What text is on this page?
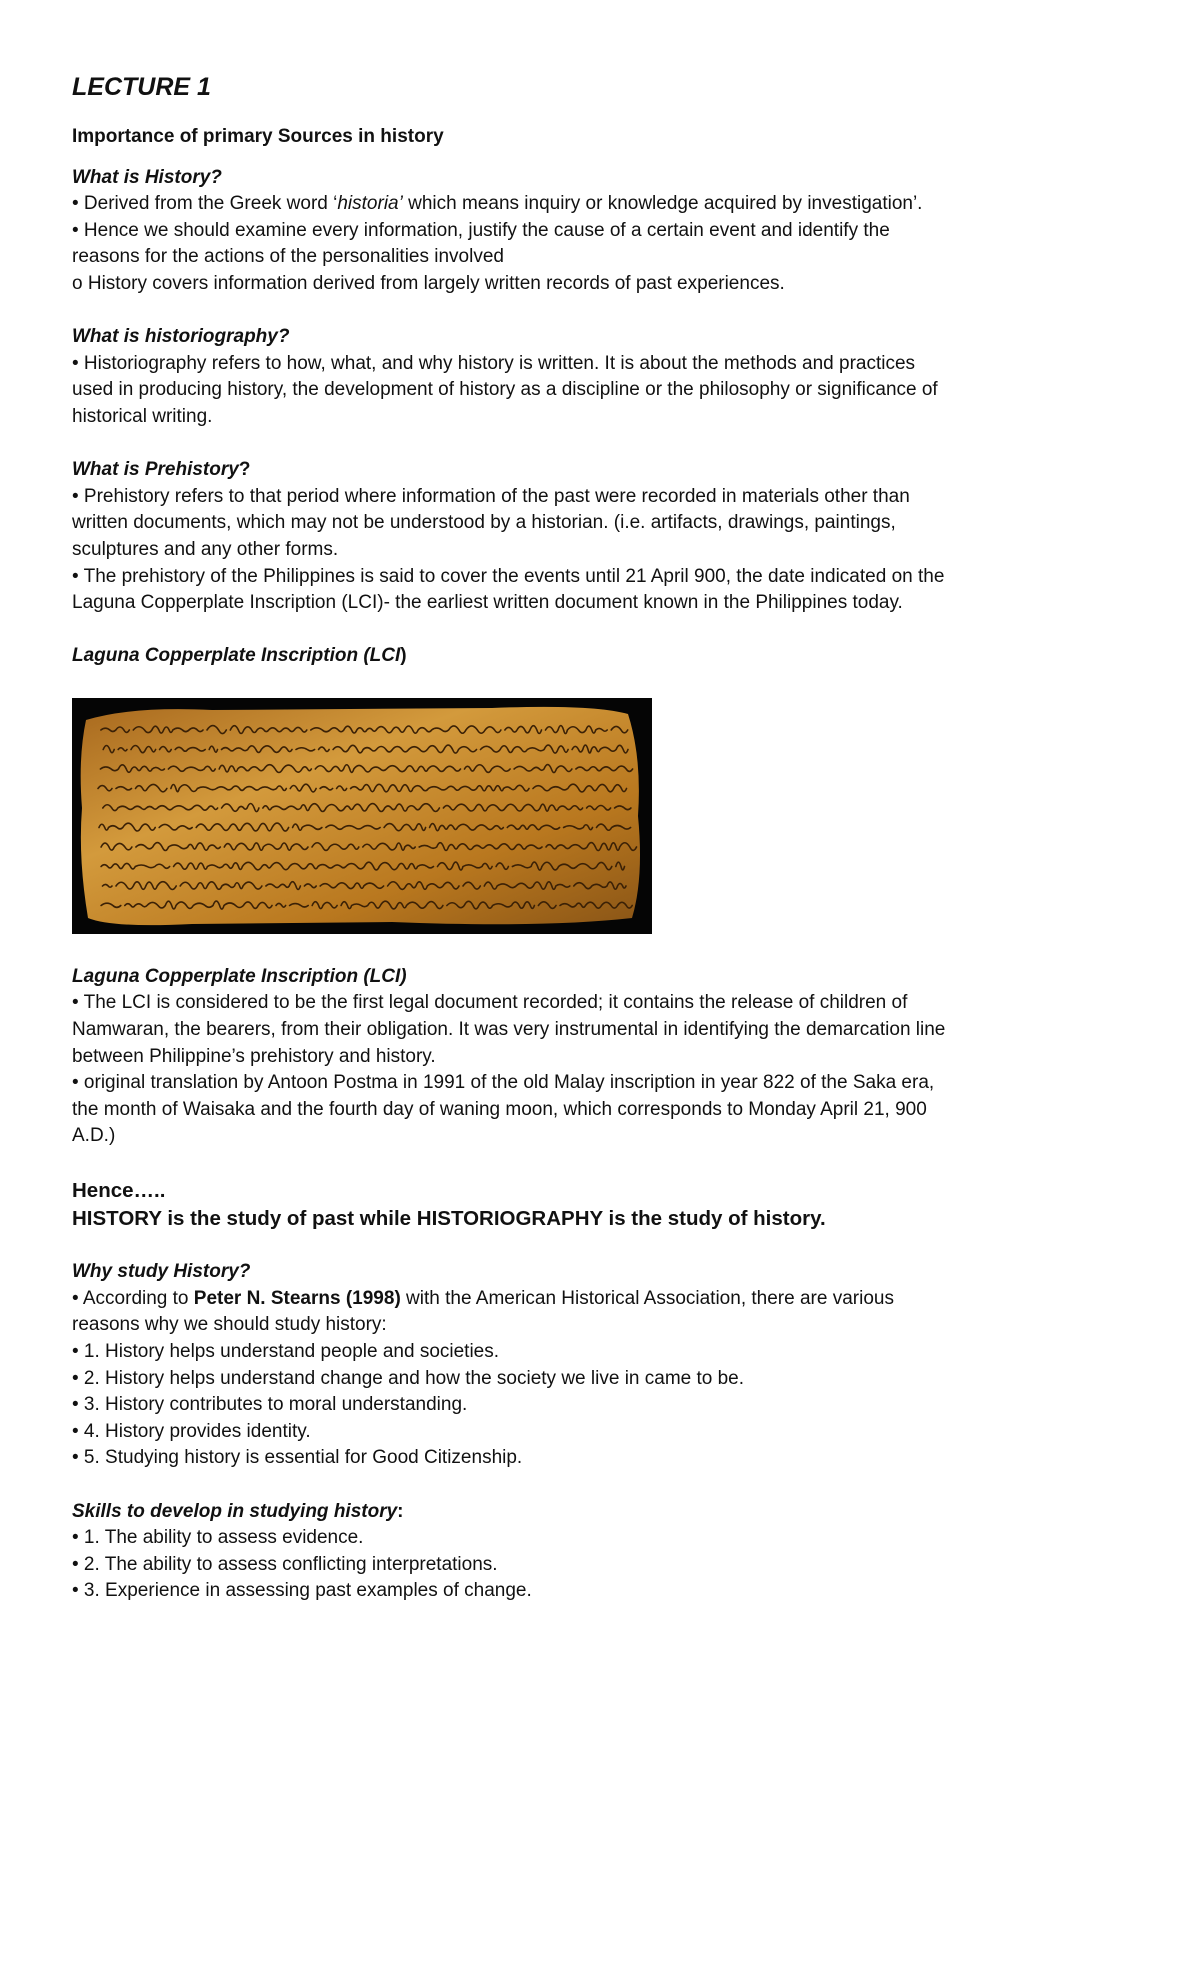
LECTURE 1
Importance of primary Sources in history
What is History?

• Derived from the Greek word ‘historia’ which means inquiry or knowledge acquired by investigation’.

• Hence we should examine every information, justify the cause of a certain event and identify the reasons for the actions of the personalities involved

o History covers information derived from largely written records of past experiences.

What is historiography?

• Historiography refers to how, what, and why history is written. It is about the methods and practices used in producing history, the development of history as a discipline or the philosophy or significance of historical writing.

What is Prehistory?

• Prehistory refers to that period where information of the past were recorded in materials other than written documents, which may not be understood by a historian. (i.e. artifacts, drawings, paintings, sculptures and any other forms.

• The prehistory of the Philippines is said to cover the events until 21 April 900, the date indicated on the Laguna Copperplate Inscription (LCI)- the earliest written document known in the Philippines today.

Laguna Copperplate Inscription (LCI)
Laguna Copperplate Inscription (LCI)

• The LCI is considered to be the first legal document recorded; it contains the release of children of Namwaran, the bearers, from their obligation. It was very instrumental in identifying the demarcation line between Philippine’s prehistory and history.

• original translation by Antoon Postma in 1991 of the old Malay inscription in year 822 of the Saka era, the month of Waisaka and the fourth day of waning moon, which corresponds to Monday April 21, 900 A.D.)

Hence…..
HISTORY is the study of past while HISTORIOGRAPHY is the study of history.
Why study History?

• According to Peter N. Stearns (1998) with the American Historical Association, there are various reasons why we should study history:

• 1. History helps understand people and societies.

• 2. History helps understand change and how the society we live in came to be.

• 3. History contributes to moral understanding.

• 4. History provides identity.

• 5. Studying history is essential for Good Citizenship.

Skills to develop in studying history:

• 1. The ability to assess evidence.

• 2. The ability to assess conflicting interpretations.

• 3. Experience in assessing past examples of change.
